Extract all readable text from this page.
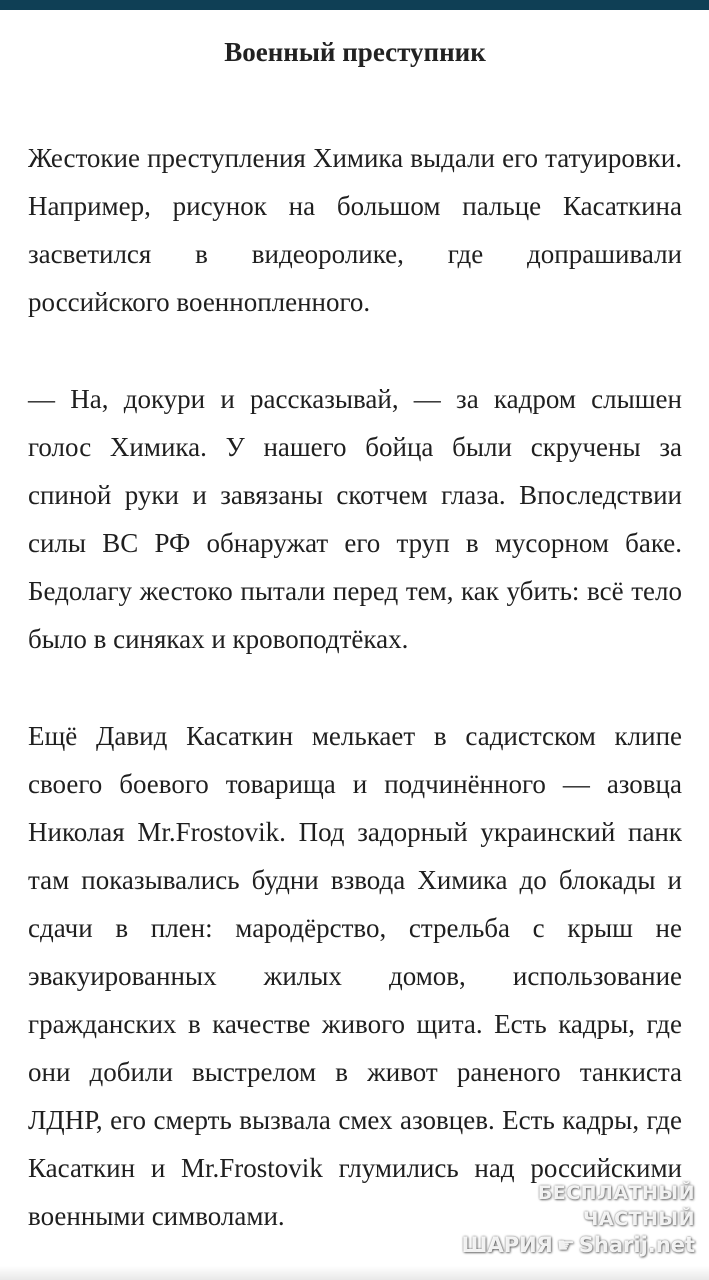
Военный преступник

Жестокие преступления Химика выдали его татуировки. Например, рисунок на большом пальце Касаткина засветился в видеоролике, где допрашивали российского военнопленного.

— На, докури и рассказывай, — за кадром слышен голос Химика. У нашего бойца были скручены за спиной руки и завязаны скотчем глаза. Впоследствии силы ВС РФ обнаружат его труп в мусорном баке. Бедолагу жестоко пытали перед тем, как убить: всё тело было в синяках и кровоподтёках.

Ещё Давид Касаткин мелькает в садистском клипе своего боевого товарища и подчинённого — азовца Николая Mr.Frostovik. Под задорный украинский панк там показывались будни взвода Химика до блокады и сдачи в плен: мародёрство, стрельба с крыш не эвакуированных жилых домов, использование гражданских в качестве живого щита. Есть кадры, где они добили выстрелом в живот раненого танкиста ЛДНР, его смерть вызвала смех азовцев. Есть кадры, где Касаткин и Mr.Frostovik глумились над российскими военными символами.

БЕСПЛАТНЫЙ ЧАСТНЫЙ
ШАРИЯ ☛ Sharij.net
